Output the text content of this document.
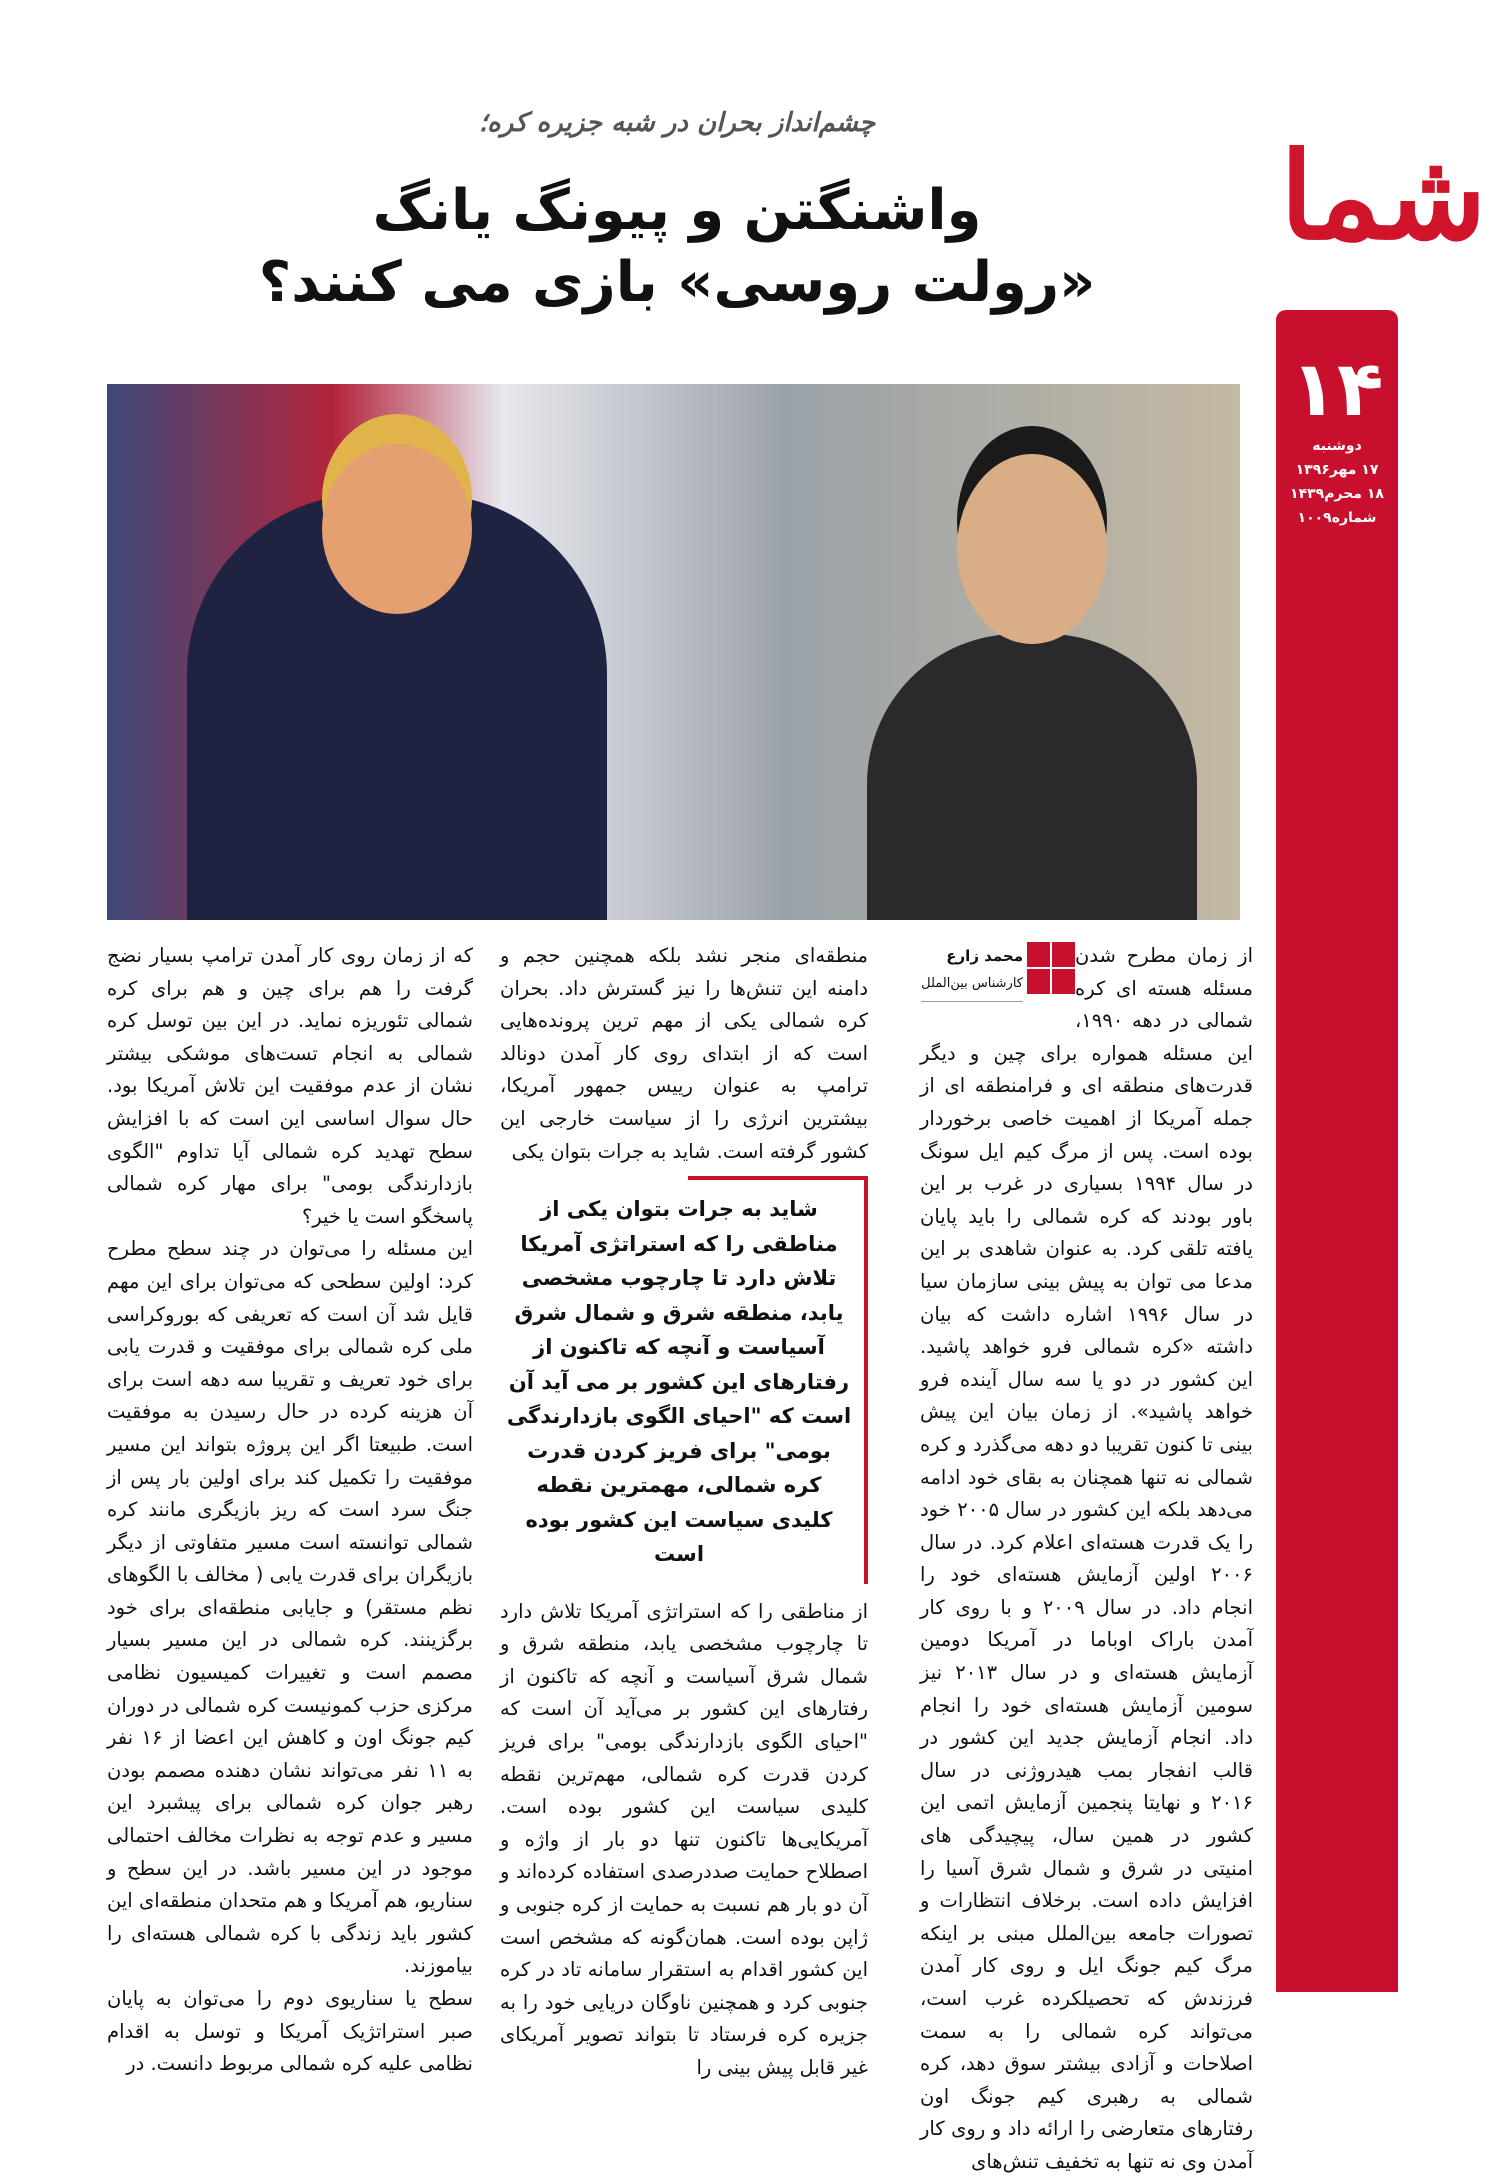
شما
۱۴
دوشنبه
۱۷ مهر۱۳۹۶
۱۸ محرم۱۴۳۹
شماره۱۰۰۹
چشم‌انداز بحران در شبه جزیره کره؛
واشنگتن و پیونگ یانگ
«رولت روسی» بازی می کنند؟
محمد زارع
کارشناس بین‌الملل

از زمان مطرح شدن مسئله هسته ای کره شمالی در دهه ۱۹۹۰، این مسئله همواره برای چین و دیگر قدرت‌های منطقه ای و فرامنطقه ای از جمله آمریکا از اهمیت خاصی برخوردار بوده است. پس از مرگ کیم ایل سونگ در سال ۱۹۹۴ بسیاری در غرب بر این باور بودند که کره شمالی را باید پایان یافته تلقی کرد. به عنوان شاهدی بر این مدعا می توان به پیش بینی سازمان سیا در سال ۱۹۹۶ اشاره داشت که بیان داشته «کره شمالی فرو خواهد پاشید. این کشور در دو یا سه سال آینده فرو خواهد پاشید». از زمان بیان این پیش بینی تا کنون تقریبا دو دهه می‌گذرد و کره شمالی نه تنها همچنان به بقای خود ادامه می‌دهد بلکه این کشور در سال ۲۰۰۵ خود را یک قدرت هسته‌ای اعلام کرد. در سال ۲۰۰۶ اولین آزمایش هسته‌ای خود را انجام داد. در سال ۲۰۰۹ و با روی کار آمدن باراک اوباما در آمریکا دومین آزمایش هسته‌ای و در سال ۲۰۱۳ نیز سومین آزمایش هسته‌ای خود را انجام داد. انجام آزمایش جدید این کشور در قالب انفجار بمب هیدروژنی در سال ۲۰۱۶ و نهایتا پنجمین آزمایش اتمی این کشور در همین سال، پیچیدگی های امنیتی در شرق و شمال شرق آسیا را افزایش داده است. برخلاف انتظارات و تصورات جامعه بین‌الملل مبنی بر اینکه مرگ کیم جونگ ایل و روی کار آمدن فرزندش که تحصیلکرده غرب است، می‌تواند کره شمالی را به سمت اصلاحات و آزادی بیشتر سوق دهد، کره شمالی به رهبری کیم جونگ اون رفتارهای متعارضی را ارائه داد و روی کار آمدن وی نه تنها به تخفیف تنش‌های

منطقه‌ای منجر نشد بلکه همچنین حجم و دامنه این تنش‌ها را نیز گسترش داد. بحران کره شمالی یکی از مهم ترین پرونده‌هایی است که از ابتدای روی کار آمدن دونالد ترامپ به عنوان رییس جمهور آمریکا، بیشترین انرژی را از سیاست خارجی این کشور گرفته است. شاید به جرات بتوان یکی

شاید به جرات بتوان یکی از مناطقی را که استراتژی آمریکا تلاش دارد تا چارچوب مشخصی یابد، منطقه شرق و شمال شرق آسیاست و آنچه که تاکنون از رفتارهای این کشور بر می آید آن است که "احیای الگوی بازدارندگی بومی" برای فریز کردن قدرت کره شمالی، مهمترین نقطه کلیدی سیاست این کشور بوده است

از مناطقی را که استراتژی آمریکا تلاش دارد تا چارچوب مشخصی یابد، منطقه شرق و شمال شرق آسیاست و آنچه که تاکنون از رفتارهای این کشور بر می‌آید آن است که "احیای الگوی بازدارندگی بومی" برای فریز کردن قدرت کره شمالی، مهم‌ترین نقطه کلیدی سیاست این کشور بوده است. آمریکایی‌ها تاکنون تنها دو بار از واژه و اصطلاح حمایت صددرصدی استفاده کرده‌اند و آن دو بار هم نسبت به حمایت از کره جنوبی و ژاپن بوده است. همان‌گونه که مشخص است این کشور اقدام به استقرار سامانه تاد در کره جنوبی کرد و همچنین ناوگان دریایی خود را به جزیره کره فرستاد تا بتواند تصویر آمریکای غیر قابل پیش بینی را

که از زمان روی کار آمدن ترامپ بسیار نضج گرفت را هم برای چین و هم برای کره شمالی تئوریزه نماید. در این بین توسل کره شمالی به انجام تست‌های موشکی بیشتر نشان از عدم موفقیت این تلاش آمریکا بود. حال سوال اساسی این است که با افزایش سطح تهدید کره شمالی آیا تداوم "الگوی بازدارندگی بومی" برای مهار کره شمالی پاسخگو است یا خیر؟

این مسئله را می‌توان در چند سطح مطرح کرد: اولین سطحی که می‌توان برای این مهم قایل شد آن است که تعریفی که بوروکراسی ملی کره شمالی برای موفقیت و قدرت یابی برای خود تعریف و تقریبا سه دهه است برای آن هزینه کرده در حال رسیدن به موفقیت است. طبیعتا اگر این پروژه بتواند این مسیر موفقیت را تکمیل کند برای اولین بار پس از جنگ سرد است که ریز بازیگری مانند کره شمالی توانسته است مسیر متفاوتی از دیگر بازیگران برای قدرت یابی ( مخالف با الگوهای نظم مستقر) و جایابی منطقه‌ای برای خود برگزینند. کره شمالی در این مسیر بسیار مصمم است و تغییرات کمیسیون نظامی مرکزی حزب کمونیست کره شمالی در دوران کیم جونگ اون و کاهش این اعضا از ۱۶ نفر به ۱۱ نفر می‌تواند نشان دهنده مصمم بودن رهبر جوان کره شمالی برای پیشبرد این مسیر و عدم توجه به نظرات مخالف احتمالی موجود در این مسیر باشد. در این سطح و سناریو، هم آمریکا و هم متحدان منطقه‌ای این کشور باید زندگی با کره شمالی هسته‌ای را بیاموزند.

سطح یا سناریوی دوم را می‌توان به پایان صبر استراتژیک آمریکا و توسل به اقدام نظامی علیه کره شمالی مربوط دانست. در
